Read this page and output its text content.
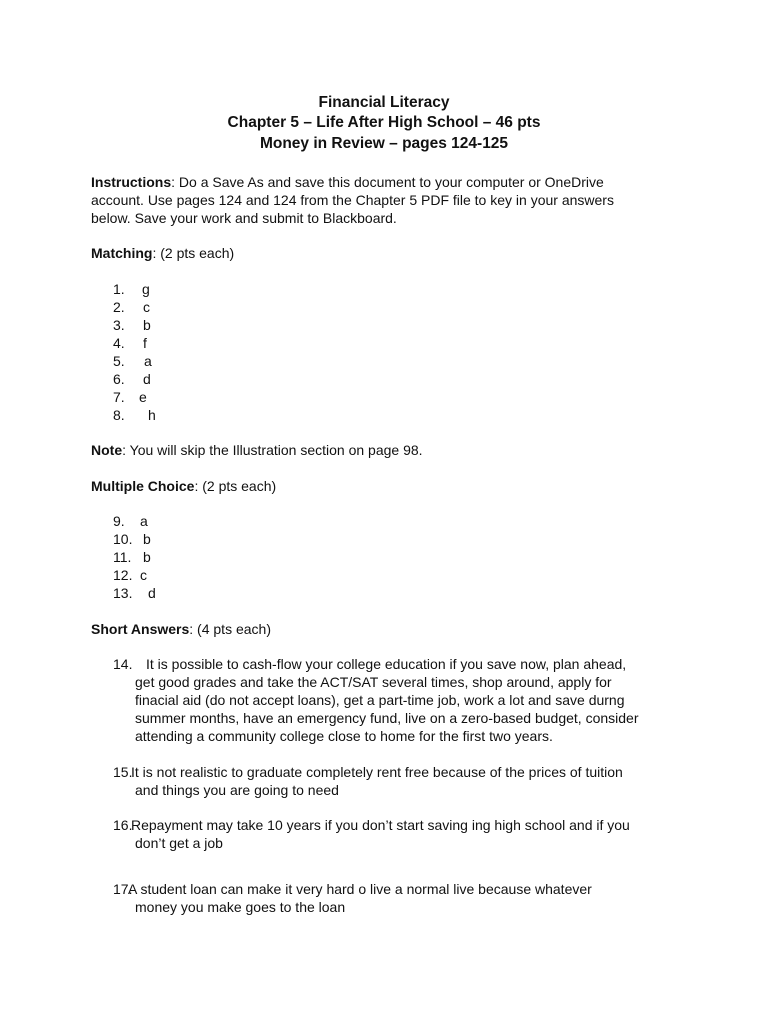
Financial Literacy
Chapter 5 – Life After High School – 46 pts
Money in Review – pages 124-125
Instructions: Do a Save As and save this document to your computer or OneDrive
account. Use pages 124 and 124 from the Chapter 5 PDF file to key in your answers
below. Save your work and submit to Blackboard.
Matching: (2 pts each)
Note: You will skip the Illustration section on page 98.
Multiple Choice: (2 pts each)
Short Answers: (4 pts each)
1. g
2. c
3. b
4. f
5. a
6. d
7. e
8. h
9. a
10. b
11. b
12. c
13. d
14. It is possible to cash-flow your college education if you save now, plan ahead,
get good grades and take the ACT/SAT several times, shop around, apply for
finacial aid (do not accept loans), get a part-time job, work a lot and save durng
summer months, have an emergency fund, live on a zero-based budget, consider
attending a community college close to home for the first two years.
15.
It is not realistic to graduate completely rent free because of the prices of tuition
and things you are going to need
16.
Repayment may take 10 years if you don’t start saving ing high school and if you
don’t get a job
17.
A student loan can make it very hard o live a normal live because whatever
money you make goes to the loan
